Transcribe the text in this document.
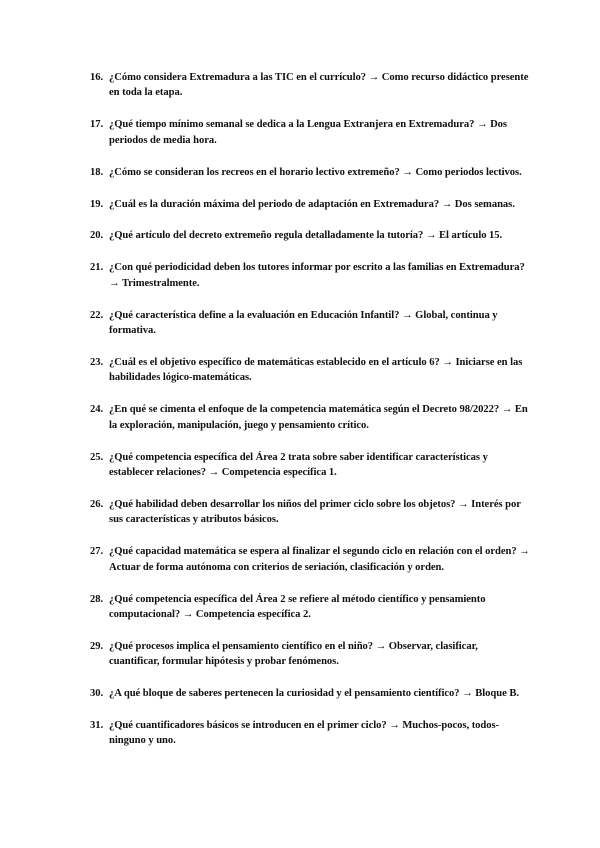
16. ¿Cómo considera Extremadura a las TIC en el currículo? → Como recurso didáctico presente en toda la etapa.
17. ¿Qué tiempo mínimo semanal se dedica a la Lengua Extranjera en Extremadura? → Dos periodos de media hora.
18. ¿Cómo se consideran los recreos en el horario lectivo extremeño? → Como periodos lectivos.
19. ¿Cuál es la duración máxima del periodo de adaptación en Extremadura? → Dos semanas.
20. ¿Qué artículo del decreto extremeño regula detalladamente la tutoría? → El artículo 15.
21. ¿Con qué periodicidad deben los tutores informar por escrito a las familias en Extremadura? → Trimestralmente.
22. ¿Qué característica define a la evaluación en Educación Infantil? → Global, continua y formativa.
23. ¿Cuál es el objetivo específico de matemáticas establecido en el artículo 6? → Iniciarse en las habilidades lógico-matemáticas.
24. ¿En qué se cimenta el enfoque de la competencia matemática según el Decreto 98/2022? → En la exploración, manipulación, juego y pensamiento crítico.
25. ¿Qué competencia específica del Área 2 trata sobre saber identificar características y establecer relaciones? → Competencia específica 1.
26. ¿Qué habilidad deben desarrollar los niños del primer ciclo sobre los objetos? → Interés por sus características y atributos básicos.
27. ¿Qué capacidad matemática se espera al finalizar el segundo ciclo en relación con el orden? → Actuar de forma autónoma con criterios de seriación, clasificación y orden.
28. ¿Qué competencia específica del Área 2 se refiere al método científico y pensamiento computacional? → Competencia específica 2.
29. ¿Qué procesos implica el pensamiento científico en el niño? → Observar, clasificar, cuantificar, formular hipótesis y probar fenómenos.
30. ¿A qué bloque de saberes pertenecen la curiosidad y el pensamiento científico? → Bloque B.
31. ¿Qué cuantificadores básicos se introducen en el primer ciclo? → Muchos-pocos, todos-ninguno y uno.
